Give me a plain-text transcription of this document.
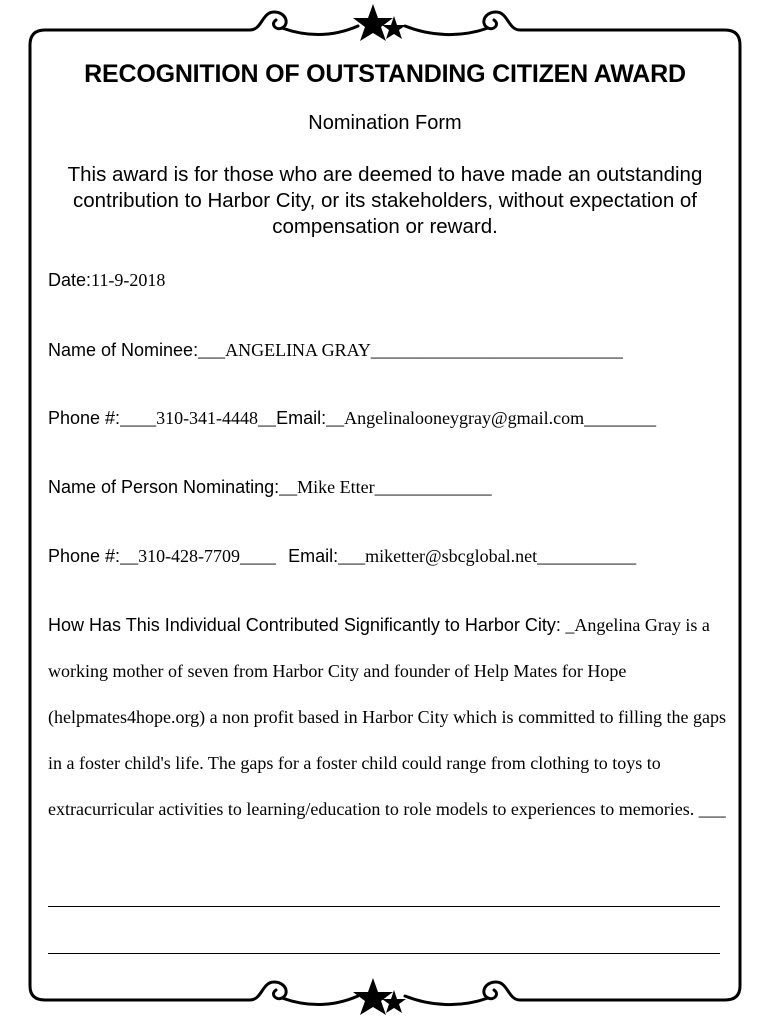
RECOGNITION OF OUTSTANDING CITIZEN AWARD
Nomination Form
This award is for those who are deemed to have made an outstanding contribution to Harbor City, or its stakeholders, without expectation of compensation or reward.
Date:11-9-2018
Name of Nominee:___ANGELINA GRAY____________________________
Phone #:____310-341-4448__Email:__Angelinalooneygray@gmail.com________
Name of Person Nominating:__Mike Etter_____________
Phone #:__310-428-7709____ Email:___miketter@sbcglobal.net___________
How Has This Individual Contributed Significantly to Harbor City: _Angelina Gray is a working mother of seven from Harbor City and founder of Help Mates for Hope (helpmates4hope.org) a non profit based in Harbor City which is committed to filling the gaps in a foster child's life. The gaps for a foster child could range from clothing to toys to extracurricular activities to learning/education to role models to experiences to memories. ___
